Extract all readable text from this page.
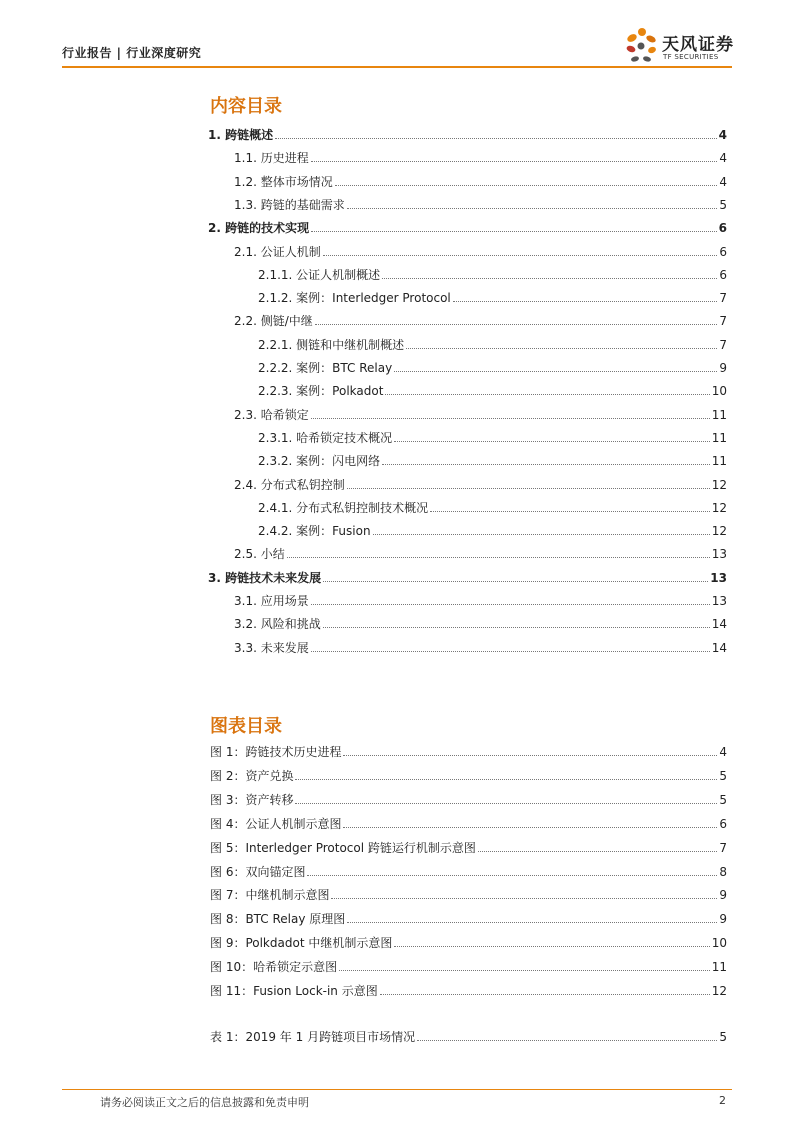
行业报告 | 行业深度研究	天风证券
TF SECURITIES
内容目录
1. 跨链概述	4
1.1. 历史进程	4
1.2. 整体市场情况	4
1.3. 跨链的基础需求	5
2. 跨链的技术实现	6
2.1. 公证人机制	6
2.1.1. 公证人机制概述	6
2.1.2. 案例：Interledger Protocol	7
2.2. 侧链/中继	7
2.2.1. 侧链和中继机制概述	7
2.2.2. 案例：BTC Relay	9
2.2.3. 案例：Polkadot	10
2.3. 哈希锁定	11
2.3.1. 哈希锁定技术概况	11
2.3.2. 案例：闪电网络	11
2.4. 分布式私钥控制	12
2.4.1. 分布式私钥控制技术概况	12
2.4.2. 案例：Fusion	12
2.5. 小结	13
3. 跨链技术未来发展	13
3.1. 应用场景	13
3.2. 风险和挑战	14
3.3. 未来发展	14
图表目录
图 1：跨链技术历史进程	4
图 2：资产兑换	5
图 3：资产转移	5
图 4：公证人机制示意图	6
图 5：Interledger Protocol 跨链运行机制示意图	7
图 6：双向锚定图	8
图 7：中继机制示意图	9
图 8：BTC Relay 原理图	9
图 9：Polkdadot 中继机制示意图	10
图 10：哈希锁定示意图	11
图 11：Fusion Lock-in 示意图	12
表 1：2019 年 1 月跨链项目市场情况	5
请务必阅读正文之后的信息披露和免责申明	2
